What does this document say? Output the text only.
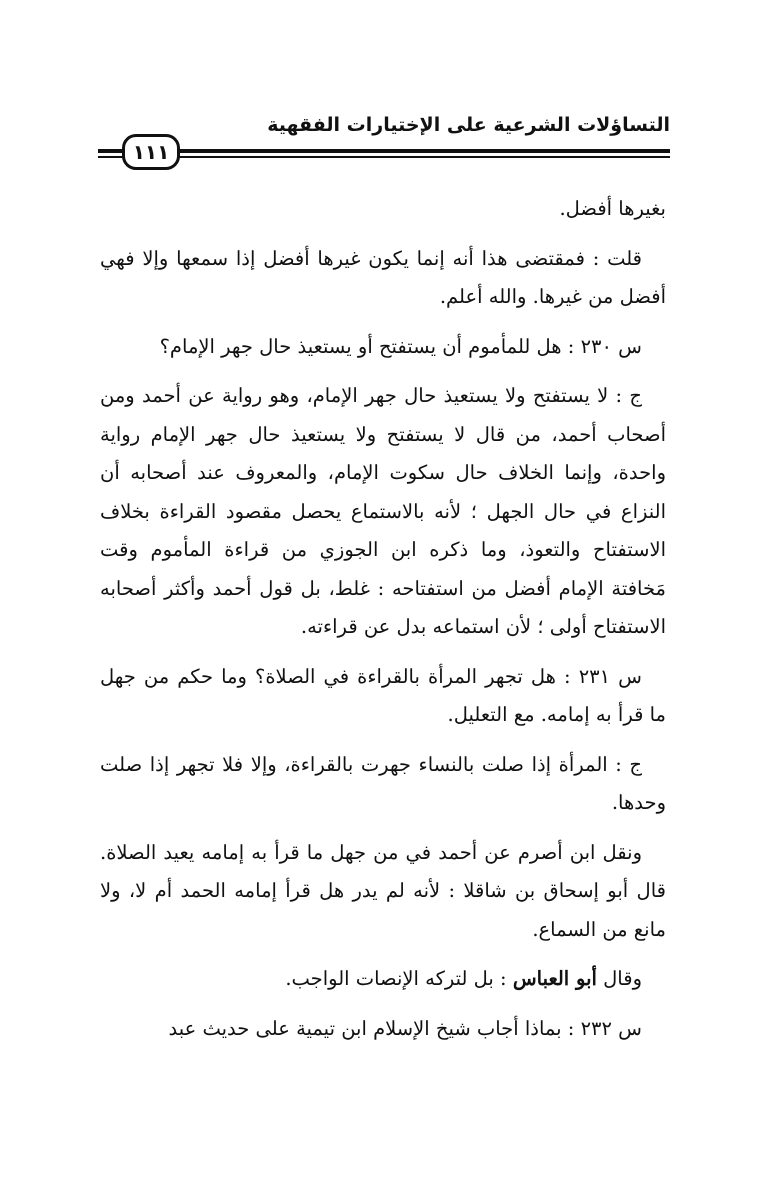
التساؤلات الشرعية على الإختيارات الفقهية
١١١

بغيرها أفضل.

قلت : فمقتضى هذا أنه إنما يكون غيرها أفضل إذا سمعها وإلا فهي أفضل من غيرها. والله أعلم.

س ٢٣٠ : هل للمأموم أن يستفتح أو يستعيذ حال جهر الإمام؟

ج : لا يستفتح ولا يستعيذ حال جهر الإمام، وهو رواية عن أحمد ومن أصحاب أحمد، من قال لا يستفتح ولا يستعيذ حال جهر الإمام رواية واحدة، وإنما الخلاف حال سكوت الإمام، والمعروف عند أصحابه أن النزاع في حال الجهل ؛ لأنه بالاستماع يحصل مقصود القراءة بخلاف الاستفتاح والتعوذ، وما ذكره ابن الجوزي من قراءة المأموم وقت مَخافتة الإمام أفضل من استفتاحه : غلط، بل قول أحمد وأكثر أصحابه الاستفتاح أولى ؛ لأن استماعه بدل عن قراءته.

س ٢٣١ : هل تجهر المرأة بالقراءة في الصلاة؟ وما حكم من جهل ما قرأ به إمامه. مع التعليل.

ج : المرأة إذا صلت بالنساء جهرت بالقراءة، وإلا فلا تجهر إذا صلت وحدها.

ونقل ابن أصرم عن أحمد في من جهل ما قرأ به إمامه يعيد الصلاة. قال أبو إسحاق بن شاقلا : لأنه لم يدر هل قرأ إمامه الحمد أم لا، ولا مانع من السماع.

وقال أبو العباس : بل لتركه الإنصات الواجب.

س ٢٣٢ : بماذا أجاب شيخ الإسلام ابن تيمية على حديث عبد
